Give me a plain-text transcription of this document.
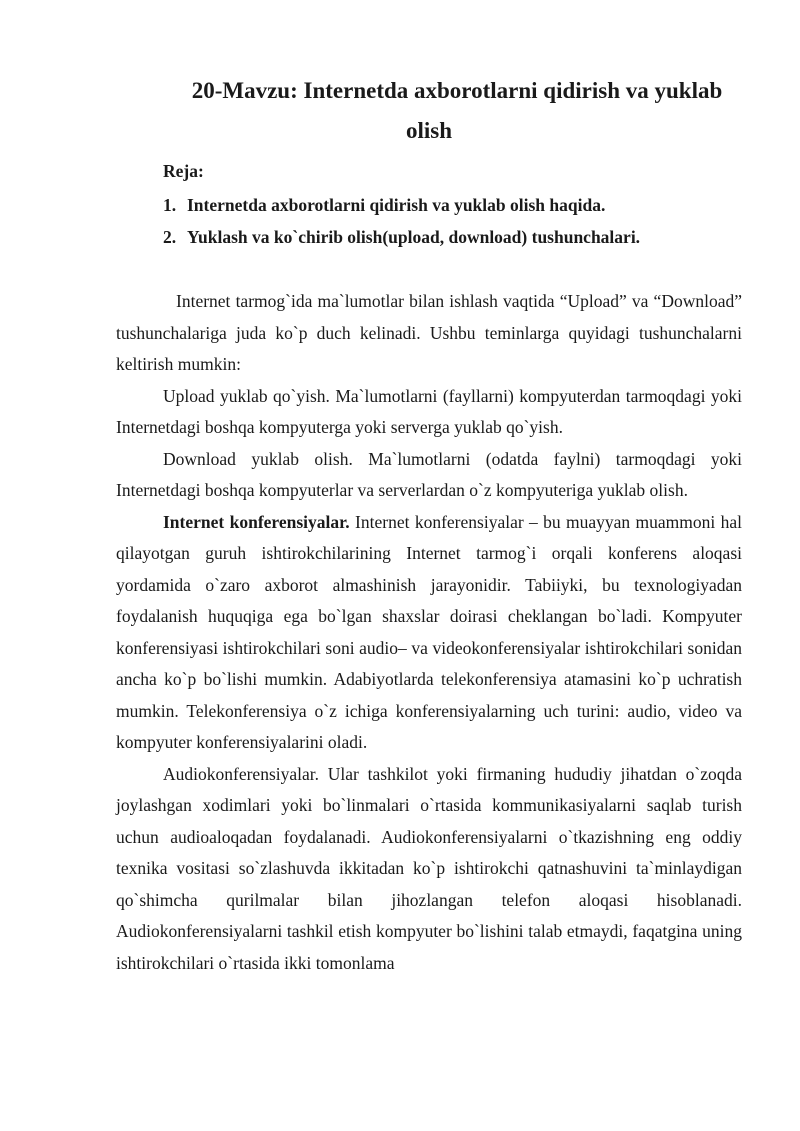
20-Mavzu: Internetda axborotlarni qidirish va yuklab
olish
Reja:
1. Internetda axborotlarni qidirish va yuklab olish haqida.
2. Yuklash va ko`chirib olish(upload, download) tushunchalari.

Internet tarmog`ida ma`lumotlar bilan ishlash vaqtida “Upload” va “Download” tushunchalariga juda ko`p duch kelinadi. Ushbu teminlarga quyidagi tushunchalarni keltirish mumkin:

Upload yuklab qo`yish. Ma`lumotlarni (fayllarni) kompyuterdan tarmoqdagi yoki Internetdagi boshqa kompyuterga yoki serverga yuklab qo`yish.

Download yuklab olish. Ma`lumotlarni (odatda faylni) tarmoqdagi yoki Internetdagi boshqa kompyuterlar va serverlardan o`z kompyuteriga yuklab olish.

Internet konferensiyalar. Internet konferensiyalar – bu muayyan muammoni hal qilayotgan guruh ishtirokchilarining Internet tarmog`i orqali konferens aloqasi yordamida o`zaro axborot almashinish jarayonidir. Tabiiyki, bu texnologiyadan foydalanish huquqiga ega bo`lgan shaxslar doirasi cheklangan bo`ladi. Kompyuter konferensiyasi ishtirokchilari soni audio– va videokonferensiyalar ishtirokchilari sonidan ancha ko`p bo`lishi mumkin. Adabiyotlarda telekonferensiya atamasini ko`p uchratish mumkin. Telekonferensiya o`z ichiga konferensiyalarning uch turini: audio, video va kompyuter konferensiyalarini oladi.

Audiokonferensiyalar. Ular tashkilot yoki firmaning hududiy jihatdan o`zoqda joylashgan xodimlari yoki bo`linmalari o`rtasida kommunikasiyalarni saqlab turish uchun audioaloqadan foydalanadi. Audiokonferensiyalarni o`tkazishning eng oddiy texnika vositasi so`zlashuvda ikkitadan ko`p ishtirokchi qatnashuvini ta`minlaydigan qo`shimcha qurilmalar bilan jihozlangan telefon aloqasi hisoblanadi. Audiokonferensiyalarni tashkil etish kompyuter bo`lishini talab etmaydi, faqatgina uning ishtirokchilari o`rtasida ikki tomonlama
